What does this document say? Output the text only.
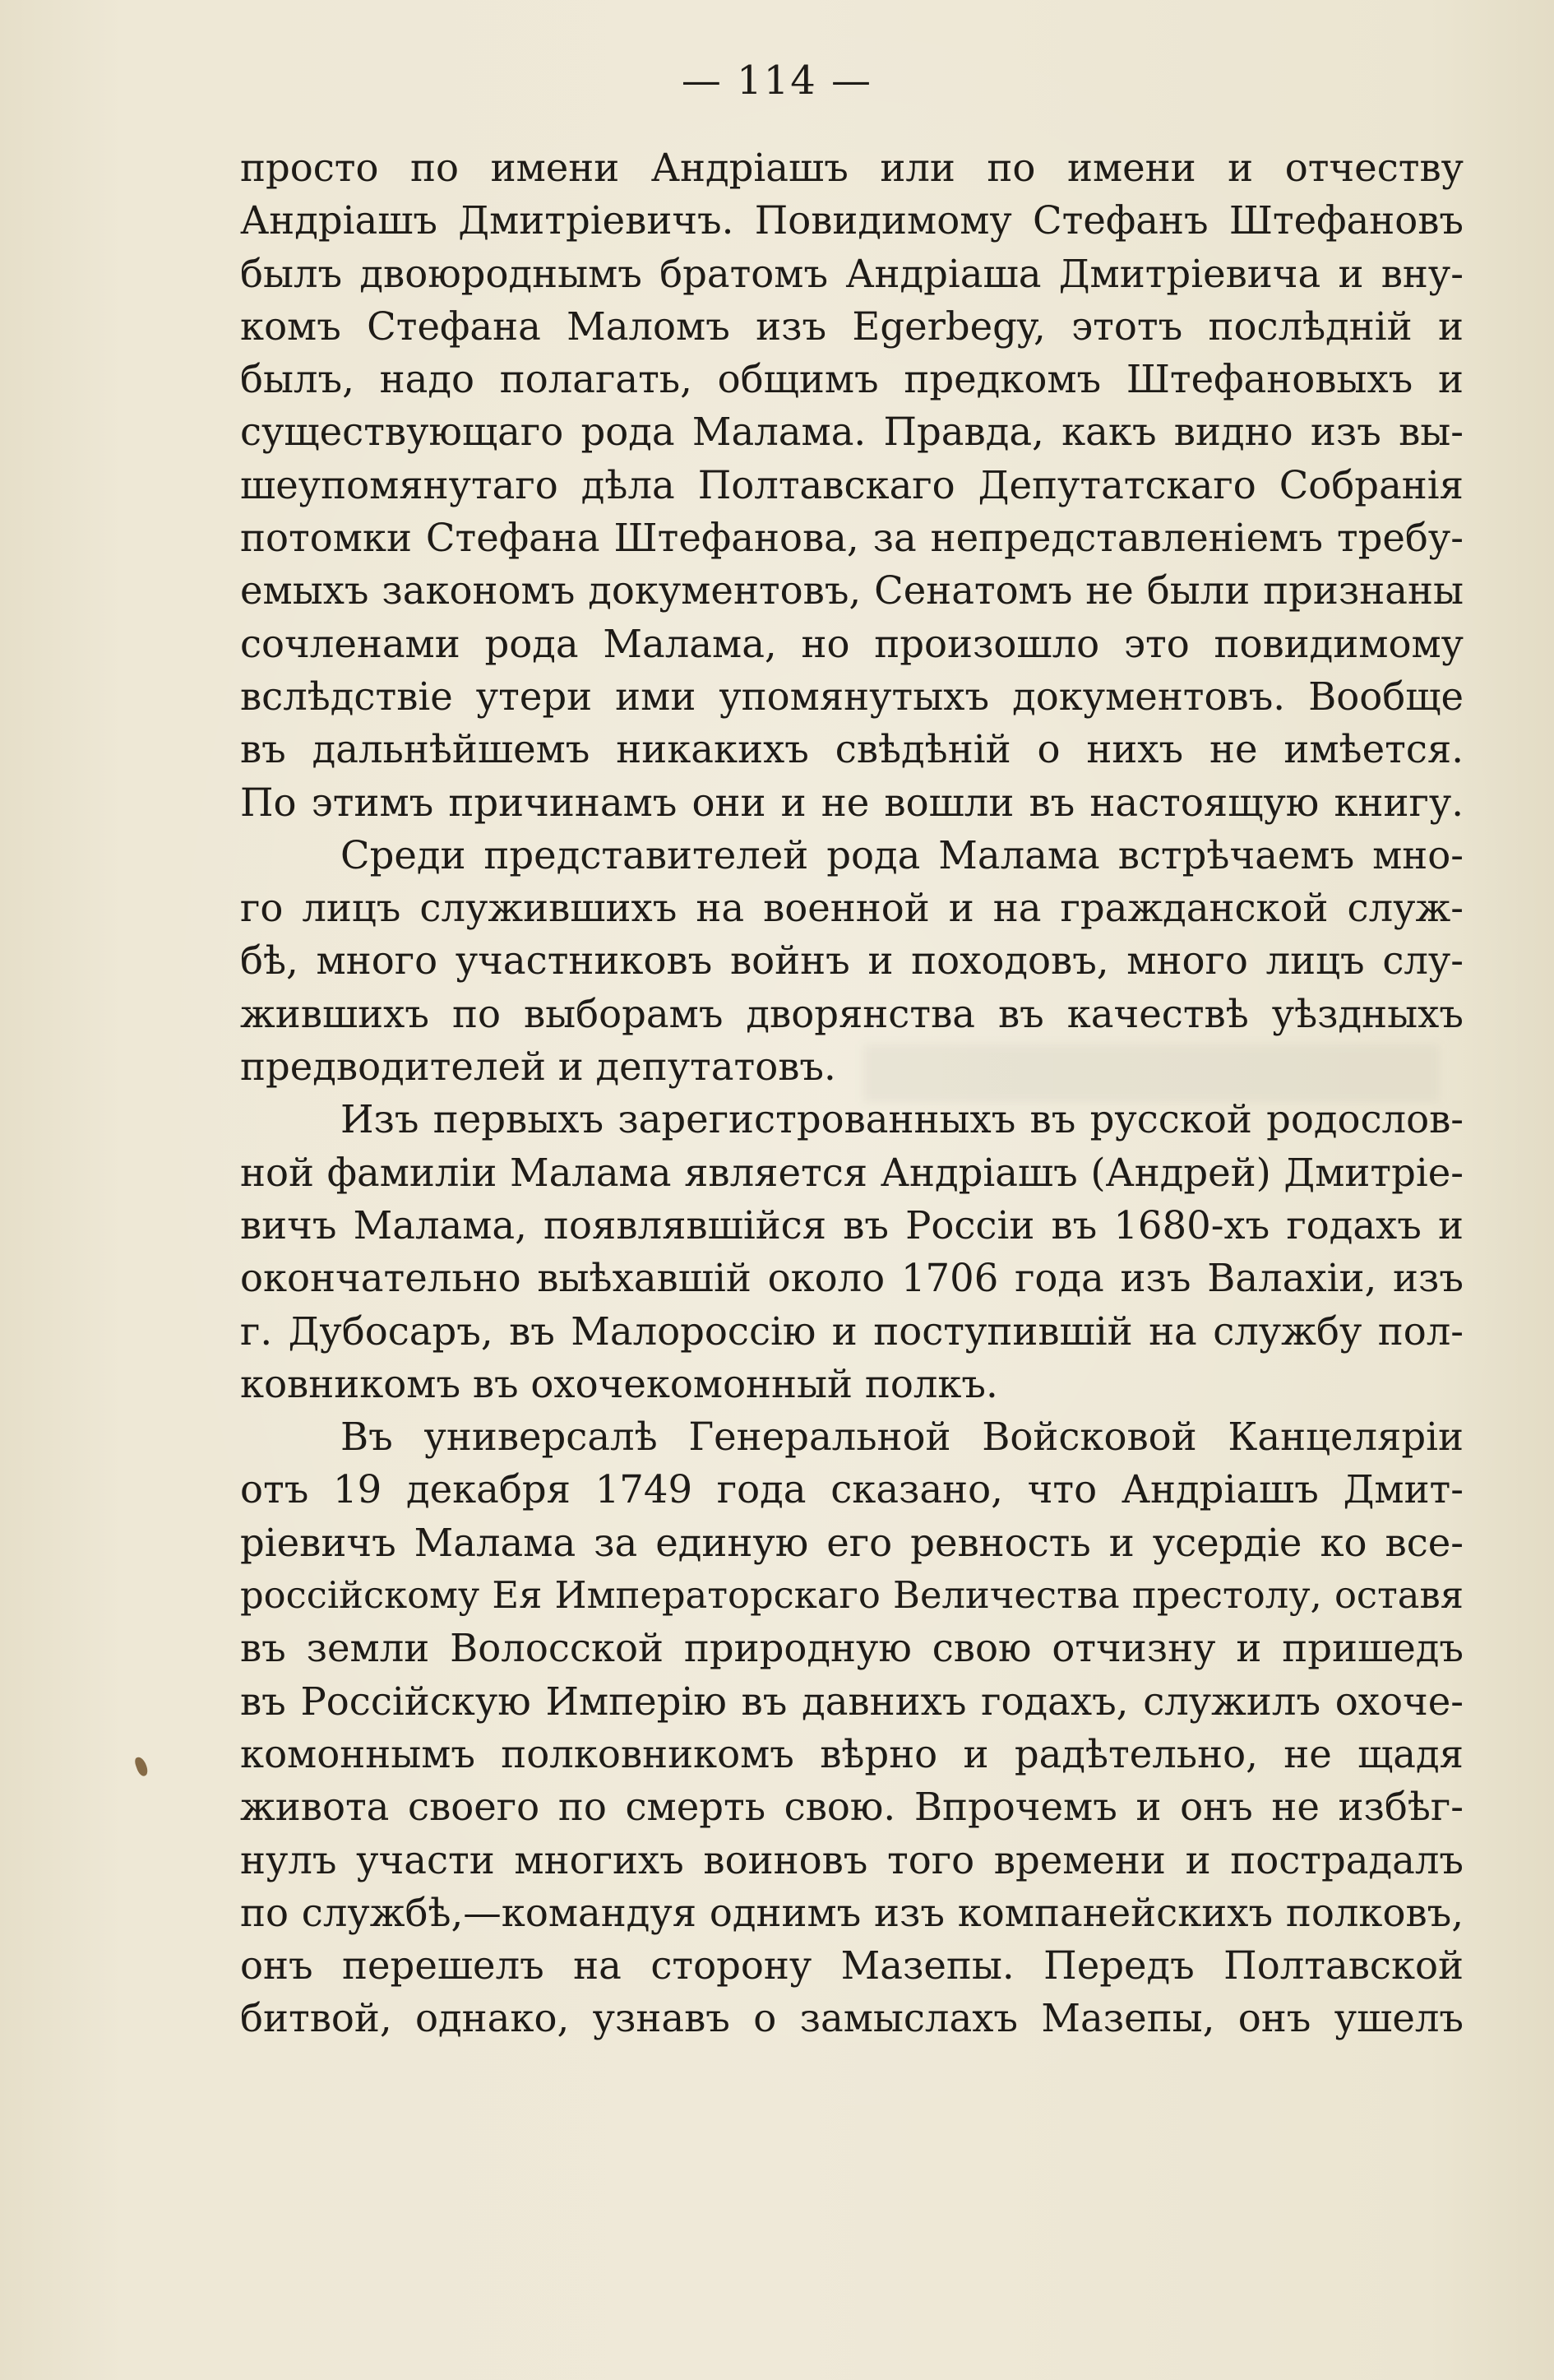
— 114 —

просто по имени Андріашъ или по имени и отчеству
Андріашъ Дмитріевичъ. Повидимому Стефанъ Штефановъ
былъ двоюроднымъ братомъ Андріаша Дмитріевича и вну-
комъ Стефана Маломъ изъ Egerbegy, этотъ послѣдній и
былъ, надо полагать, общимъ предкомъ Штефановыхъ и
существующаго рода Малама. Правда, какъ видно изъ вы-
шеупомянутаго дѣла Полтавскаго Депутатскаго Собранія
потомки Стефана Штефанова, за непредставленіемъ требу-
емыхъ закономъ документовъ, Сенатомъ не были признаны
сочленами рода Малама, но произошло это повидимому
вслѣдствіе утери ими упомянутыхъ документовъ. Вообще
въ дальнѣйшемъ никакихъ свѣдѣній о нихъ не имѣется.
По этимъ причинамъ они и не вошли въ настоящую книгу.

Среди представителей рода Малама встрѣчаемъ мно-
го лицъ служившихъ на военной и на гражданской служ-
бѣ, много участниковъ войнъ и походовъ, много лицъ слу-
жившихъ по выборамъ дворянства въ качествѣ уѣздныхъ
предводителей и депутатовъ.

Изъ первыхъ зарегистрованныхъ въ русской родослов-
ной фамиліи Малама является Андріашъ (Андрей) Дмитріе-
вичъ Малама, появлявшійся въ Россіи въ 1680-хъ годахъ и
окончательно выѣхавшій около 1706 года изъ Валахіи, изъ
г. Дубосаръ, въ Малороссію и поступившій на службу пол-
ковникомъ въ охочекомонный полкъ.

Въ универсалѣ Генеральной Войсковой Канцеляріи
отъ 19 декабря 1749 года сказано, что Андріашъ Дмит-
ріевичъ Малама за единую его ревность и усердіе ко все-
россійскому Ея Императорскаго Величества престолу, оставя
въ земли Волосской природную свою отчизну и пришедъ
въ Россійскую Имперію въ давнихъ годахъ, служилъ охоче-
комоннымъ полковникомъ вѣрно и радѣтельно, не щадя
живота своего по смерть свою. Впрочемъ и онъ не избѣг-
нулъ участи многихъ воиновъ того времени и пострадалъ
по службѣ,—командуя однимъ изъ компанейскихъ полковъ,
онъ перешелъ на сторону Мазепы. Передъ Полтавской
битвой, однако, узнавъ о замыслахъ Мазепы, онъ ушелъ
